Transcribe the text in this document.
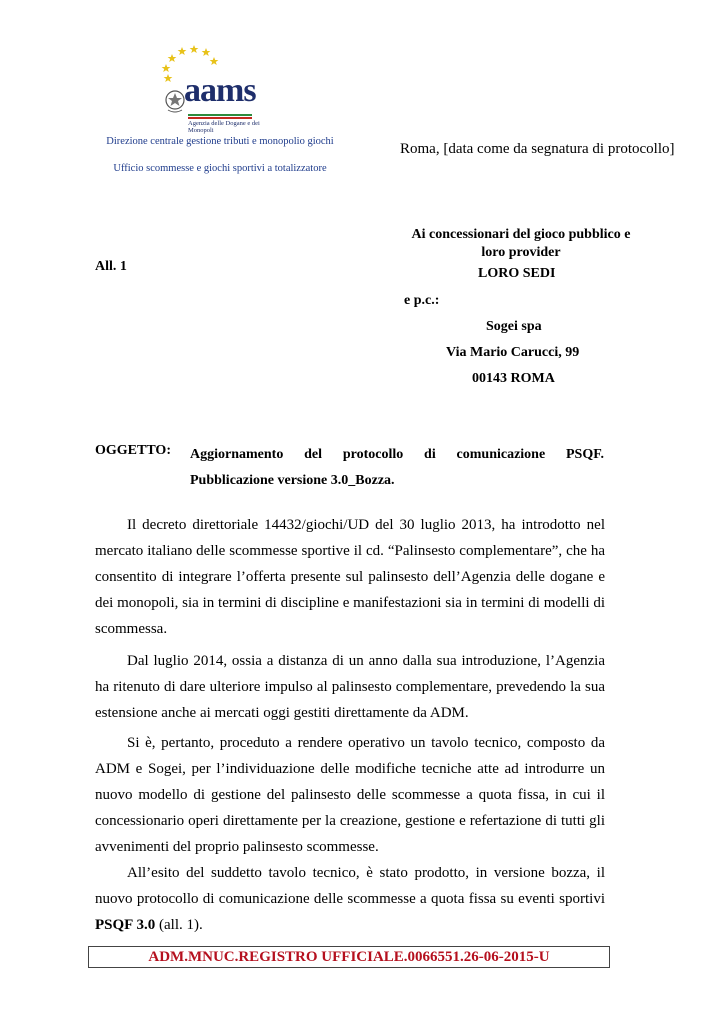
aams
Agenzia delle Dogane e dei Monopoli
Direzione centrale gestione tributi e monopolio giochi
Ufficio scommesse e giochi sportivi a totalizzatore
Roma, [data come da segnatura di protocollo]
Ai concessionari del gioco pubblico e loro provider
All. 1	LORO SEDI
e p.c.:
Sogei spa
Via Mario Carucci, 99
00143 ROMA
OGGETTO: Aggiornamento del protocollo di comunicazione PSQF.
Pubblicazione versione 3.0_Bozza.

Il decreto direttoriale 14432/giochi/UD del 30 luglio 2013, ha introdotto nel mercato italiano delle scommesse sportive il cd. “Palinsesto complementare”, che ha consentito di integrare l’offerta presente sul palinsesto dell’Agenzia delle dogane e dei monopoli, sia in termini di discipline e manifestazioni sia in termini di modelli di scommessa.

Dal luglio 2014, ossia a distanza di un anno dalla sua introduzione, l’Agenzia ha ritenuto di dare ulteriore impulso al palinsesto complementare, prevedendo la sua estensione anche ai mercati oggi gestiti direttamente da ADM.

Si è, pertanto, proceduto a rendere operativo un tavolo tecnico, composto da ADM e Sogei, per l’individuazione delle modifiche tecniche atte ad introdurre un nuovo modello di gestione del palinsesto delle scommesse a quota fissa, in cui il concessionario operi direttamente per la creazione, gestione e refertazione di tutti gli avvenimenti del proprio palinsesto scommesse.

All’esito del suddetto tavolo tecnico, è stato prodotto, in versione bozza, il nuovo protocollo di comunicazione delle scommesse a quota fissa su eventi sportivi PSQF 3.0 (all. 1).

ADM.MNUC.REGISTRO UFFICIALE.0066551.26-06-2015-U
